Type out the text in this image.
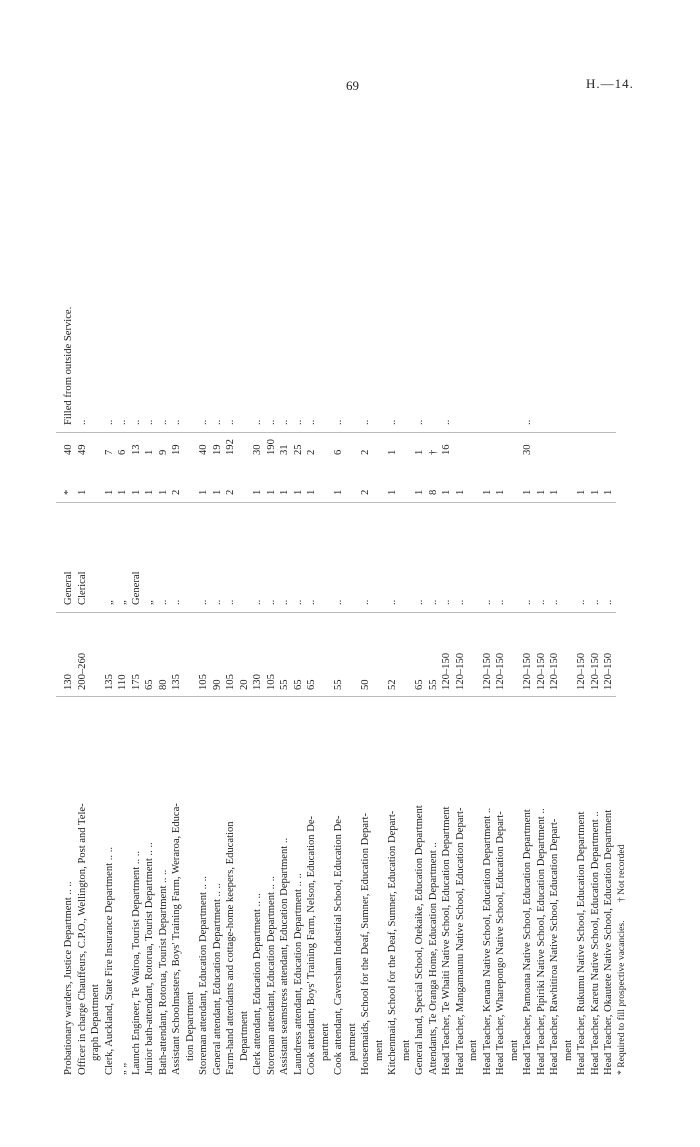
69	H.—14.
* Required to fill prospective vacancies. † Not recorded
Probationary warders, Justice Department .. ..
130
General
*
40
Filled from outside Service.
Officer in charge Chauffeurs, C.P.O., Wellington, Post and Tele-
200–260
Clerical
1
49
..
graph Department Clerk, Auckland, State Fire Insurance Department .. ..
135
„
1
7
..
„ „
110
„
1
6
..
Launch Engineer, Te Wairoa, Tourist Department .. ..
175
General
1
13
..
Junior bath-attendant, Rotorua, Tourist Department .. ..
65
„
1
1
..
Bath-attendant, Rotorua, Tourist Department .. ..
80
..
1
9
..
Assistant Schoolmasters, Boys' Training Farm, Weraroa, Educa-
135
..
2
19
..
tion Department Storeman attendant, Education Department .. ..
105
..
1
40
..
General attendant, Education Department .. ..
90
..
1
19
..
Farm-hand attendants and cottage-home keepers, Education
105
..
2
192
..
Department
20
Clerk attendant, Education Department .. ..
130
..
1
30
..
Storeman attendant, Education Department .. ..
105
..
1
190
..
Assistant seamstress attendant, Education Department ..
55
..
1
31
..
Laundress attendant, Education Department .. ..
65
..
1
25
..
Cook attendant, Boys' Training Farm, Nelson, Education De-
65
..
1
2
..
partment Cook attendant, Caversham Industrial School, Education De-
55
..
1
6
..
partment Housemaids, School for the Deaf, Sumner, Education Depart-
50
..
2
2
..
ment Kitchenmaid, School for the Deaf, Sumner, Education Depart-
52
..
1
1
..
ment General hand, Special School, Otekaike, Education Department
65
..
1
1
..
Attendants, Te Oranga Home, Education Department ..
55
..
8
†
Head Teacher, Te Whaiti Native School, Education Department
120–150
..
1
16
..
Head Teacher, Mangamaunu Native School, Education Depart-
120–150
..
1
ment Head Teacher, Kenana Native School, Education Department ..
120–150
..
1
Head Teacher, Wharepongo Native School, Education Depart-
120–150
..
1
ment Head Teacher, Pamoana Native School, Education Department
120–150
..
1
30
..
Head Teacher, Pipiriki Native School, Education Department ..
120–150
..
1
Head Teacher, Rawhitiroa Native School, Education Depart-
120–150
..
1
ment Head Teacher, Rukumu Native School, Education Department
120–150
..
1
Head Teacher, Karetu Native School, Education Department ..
120–150
..
1
Head Teacher, Okautete Native School, Education Department
120–150
..
1
